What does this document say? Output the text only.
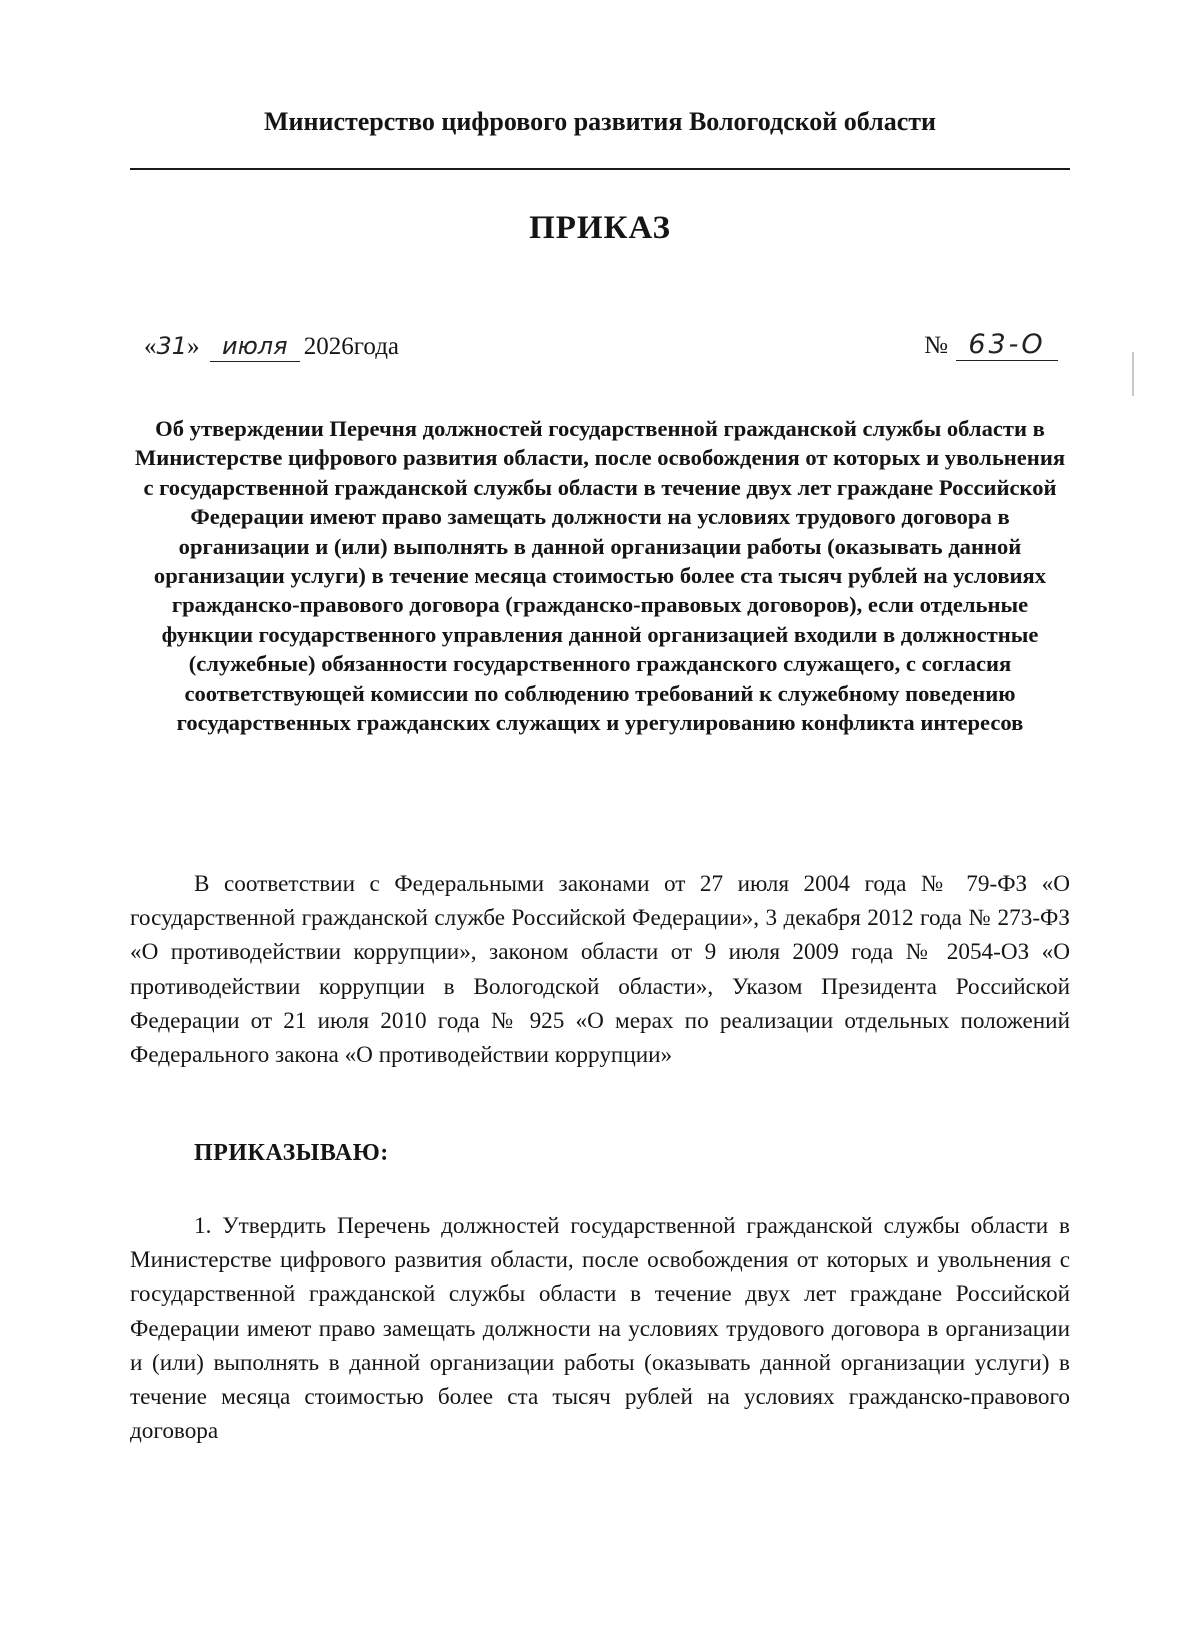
Министерство цифрового развития Вологодской области
ПРИКАЗ
«31» июля 2026года	№ 63-О
Об утверждении Перечня должностей государственной гражданской службы области в Министерстве цифрового развития области, после освобождения от которых и увольнения с государственной гражданской службы области в течение двух лет граждане Российской Федерации имеют право замещать должности на условиях трудового договора в организации и (или) выполнять в данной организации работы (оказывать данной организации услуги) в течение месяца стоимостью более ста тысяч рублей на условиях гражданско-правового договора (гражданско-правовых договоров), если отдельные функции государственного управления данной организацией входили в должностные (служебные) обязанности государственного гражданского служащего, с согласия соответствующей комиссии по соблюдению требований к служебному поведению государственных гражданских служащих и урегулированию конфликта интересов
В соответствии с Федеральными законами от 27 июля 2004 года № 79-ФЗ «О государственной гражданской службе Российской Федерации», 3 декабря 2012 года № 273-ФЗ «О противодействии коррупции», законом области от 9 июля 2009 года № 2054-ОЗ «О противодействии коррупции в Вологодской области», Указом Президента Российской Федерации от 21 июля 2010 года № 925 «О мерах по реализации отдельных положений Федерального закона «О противодействии коррупции»
ПРИКАЗЫВАЮ:
1. Утвердить Перечень должностей государственной гражданской службы области в Министерстве цифрового развития области, после освобождения от которых и увольнения с государственной гражданской службы области в течение двух лет граждане Российской Федерации имеют право замещать должности на условиях трудового договора в организации и (или) выполнять в данной организации работы (оказывать данной организации услуги) в течение месяца стоимостью более ста тысяч рублей на условиях гражданско-правового договора
